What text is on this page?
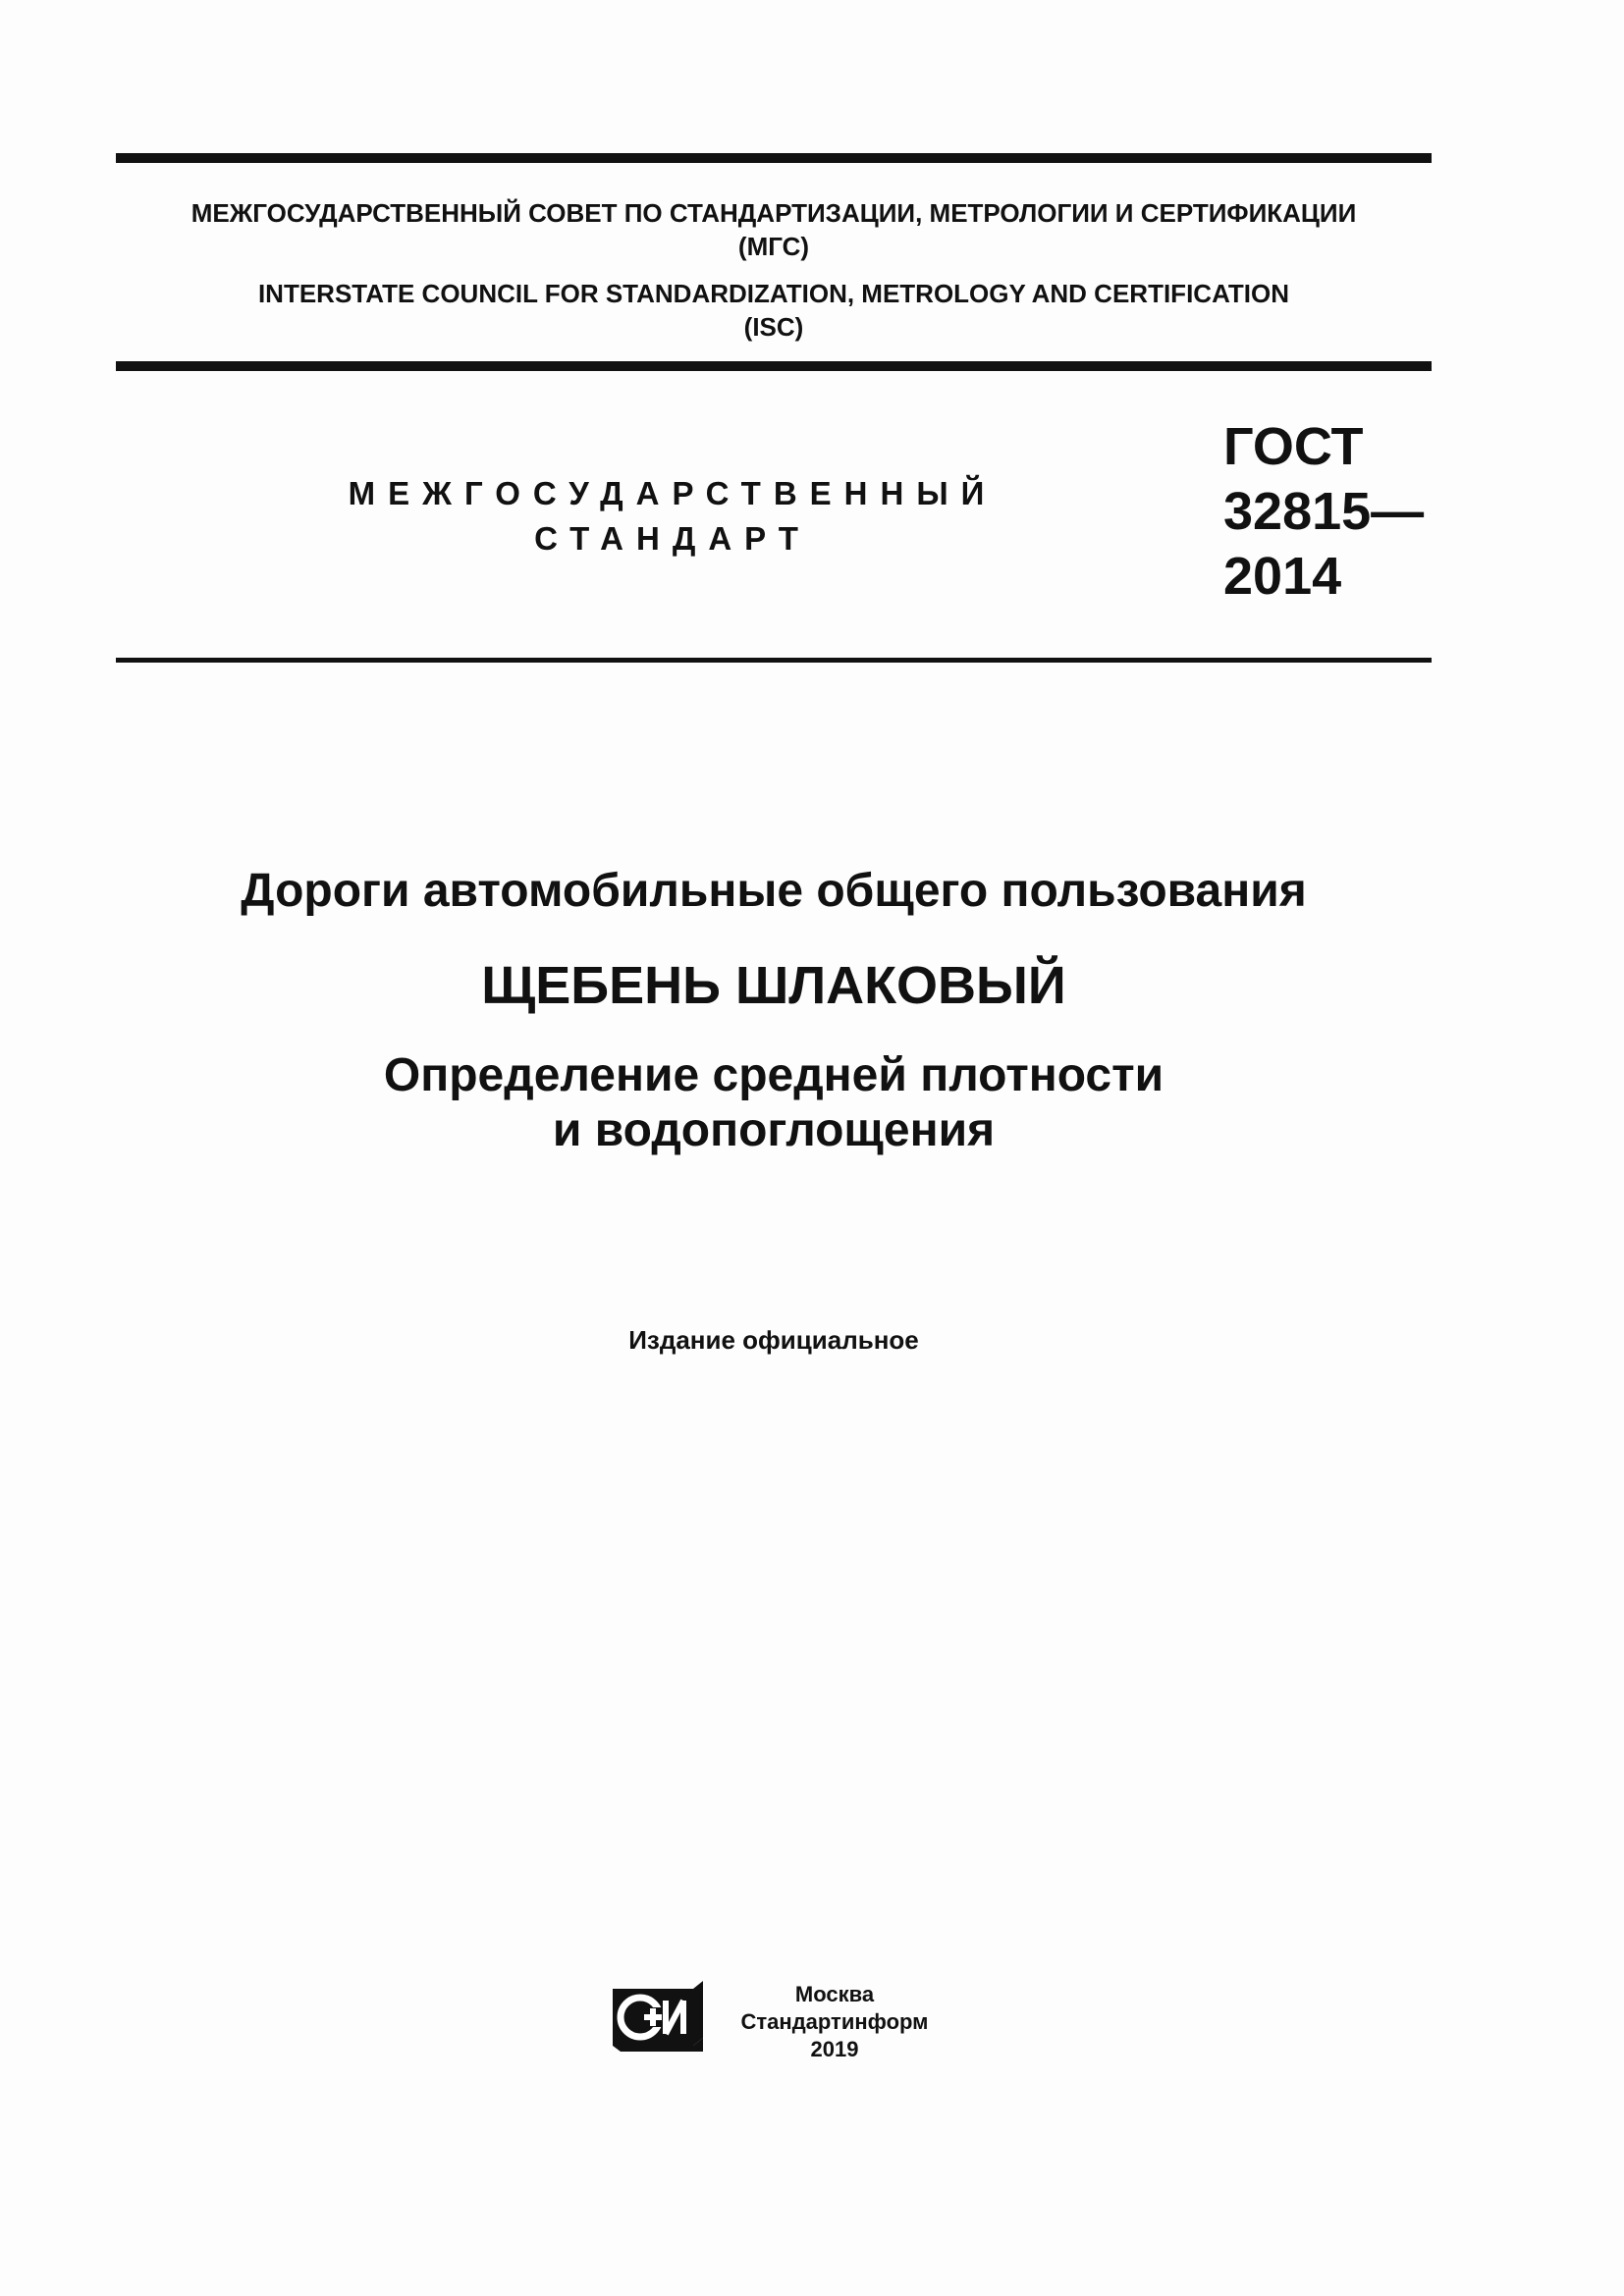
МЕЖГОСУДАРСТВЕННЫЙ СОВЕТ ПО СТАНДАРТИЗАЦИИ, МЕТРОЛОГИИ И СЕРТИФИКАЦИИ
(МГС)
INTERSTATE COUNCIL FOR STANDARDIZATION, METROLOGY AND CERTIFICATION
(ISC)
МЕЖГОСУДАРСТВЕННЫЙ
СТАНДАРТ
ГОСТ
32815—
2014
Дороги автомобильные общего пользования
ЩЕБЕНЬ ШЛАКОВЫЙ
Определение средней плотности
и водопоглощения
Издание официальное
Москва
Стандартинформ
2019
